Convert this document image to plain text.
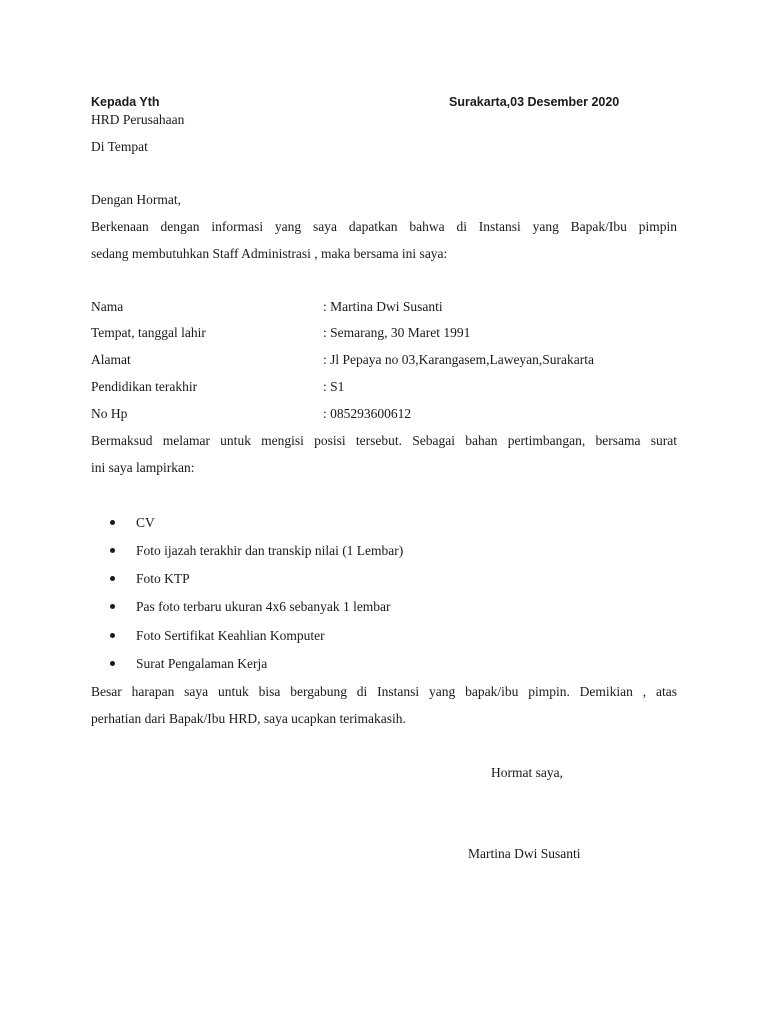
Kepada Yth	Surakarta,03 Desember 2020
HRD Perusahaan
Di Tempat
Dengan Hormat,
Berkenaan dengan informasi yang saya dapatkan bahwa di Instansi yang Bapak/Ibu pimpin
sedang membutuhkan Staff Administrasi , maka bersama ini saya:
Nama	: Martina Dwi Susanti
Tempat, tanggal lahir	: Semarang, 30 Maret 1991
Alamat	: Jl Pepaya no 03,Karangasem,Laweyan,Surakarta
Pendidikan terakhir	: S1
No Hp	: 085293600612
Bermaksud melamar untuk mengisi posisi tersebut. Sebagai bahan pertimbangan, bersama surat
ini saya lampirkan:
CV
Foto ijazah terakhir dan transkip nilai (1 Lembar)
Foto KTP
Pas foto terbaru ukuran 4x6 sebanyak 1 lembar
Foto Sertifikat Keahlian Komputer
Surat Pengalaman Kerja
Besar harapan saya untuk bisa bergabung di Instansi yang bapak/ibu pimpin. Demikian , atas
perhatian dari Bapak/Ibu HRD, saya ucapkan terimakasih.
Hormat saya,
Martina Dwi Susanti
